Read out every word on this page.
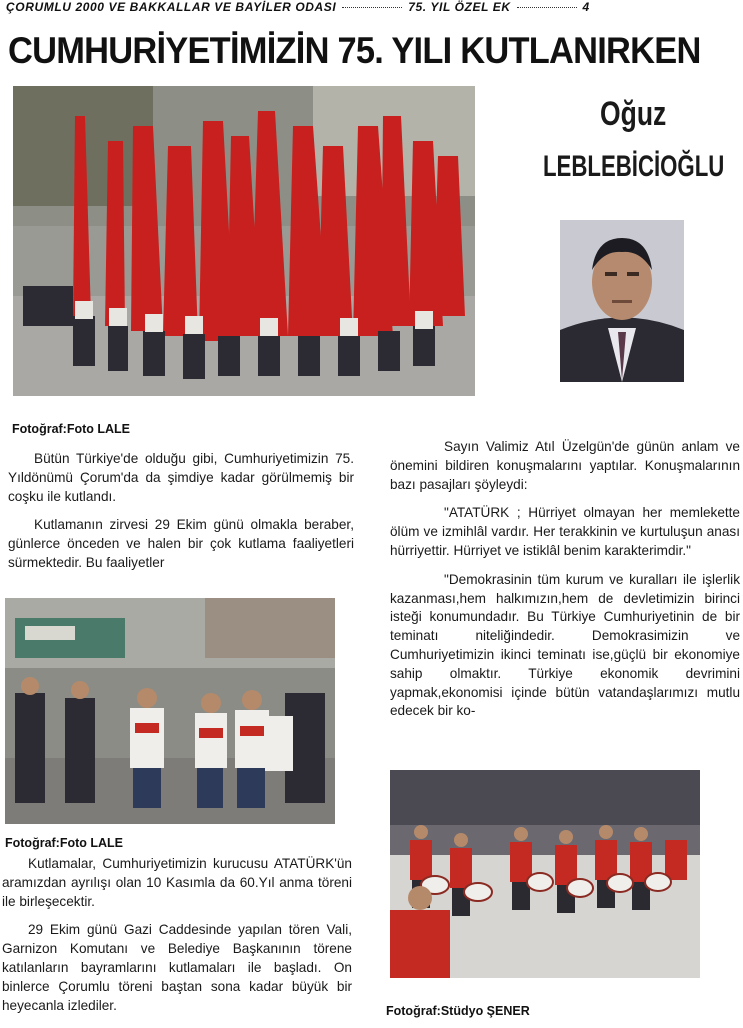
ÇORUMLU 2000 VE BAKKALLAR VE BAYİLER ODASI	75. YIL ÖZEL EK	4
CUMHURİYETİMİZİN 75. YILI KUTLANIRKEN
Oğuz
LEBLEBİCİOĞLU
Fotoğraf:Foto LALE

Bütün Türkiye'de olduğu gibi, Cumhuriyetimizin 75. Yıldönümü Çorum'da da şimdiye kadar görülmemiş bir coşku ile kutlandı.

Kutlamanın zirvesi 29 Ekim günü olmakla beraber, günlerce önceden ve halen bir çok kutlama faaliyetleri sürmektedir. Bu faaliyetler

Fotoğraf:Foto LALE

Kutlamalar, Cumhuriyetimizin kurucusu ATATÜRK'ün aramızdan ayrılışı olan 10 Kasımla da 60.Yıl anma töreni ile birleşecektir.

29 Ekim günü Gazi Caddesinde yapılan tören Vali, Garnizon Komutanı ve Belediye Başkanının törene katılanların bayramlarını kutlamaları ile başladı. On binlerce Çorumlu töreni baştan sona kadar büyük bir heyecanla izlediler.

Sayın Valimiz Atıl Üzelgün'de günün anlam ve önemini bildiren konuşmalarını yaptılar. Konuşmalarının bazı pasajları şöyleydi:

"ATATÜRK ; Hürriyet olmayan her memlekette ölüm ve izmihlâl vardır. Her terakkinin ve kurtuluşun anası hürriyettir. Hürriyet ve istiklâl benim karakterimdir."

"Demokrasinin tüm kurum ve kuralları ile işlerlik kazanması,hem halkımızın,hem de devletimizin birinci isteği konumundadır. Bu Türkiye Cumhuriyetinin de bir teminatı niteliğindedir. Demokrasimizin ve Cumhuriyetimizin ikinci teminatı ise,güçlü bir ekonomiye sahip olmaktır. Türkiye ekonomik devrimini yapmak,ekonomisi içinde bütün vatandaşlarımızı mutlu edecek bir ko-

Fotoğraf:Stüdyo ŞENER
